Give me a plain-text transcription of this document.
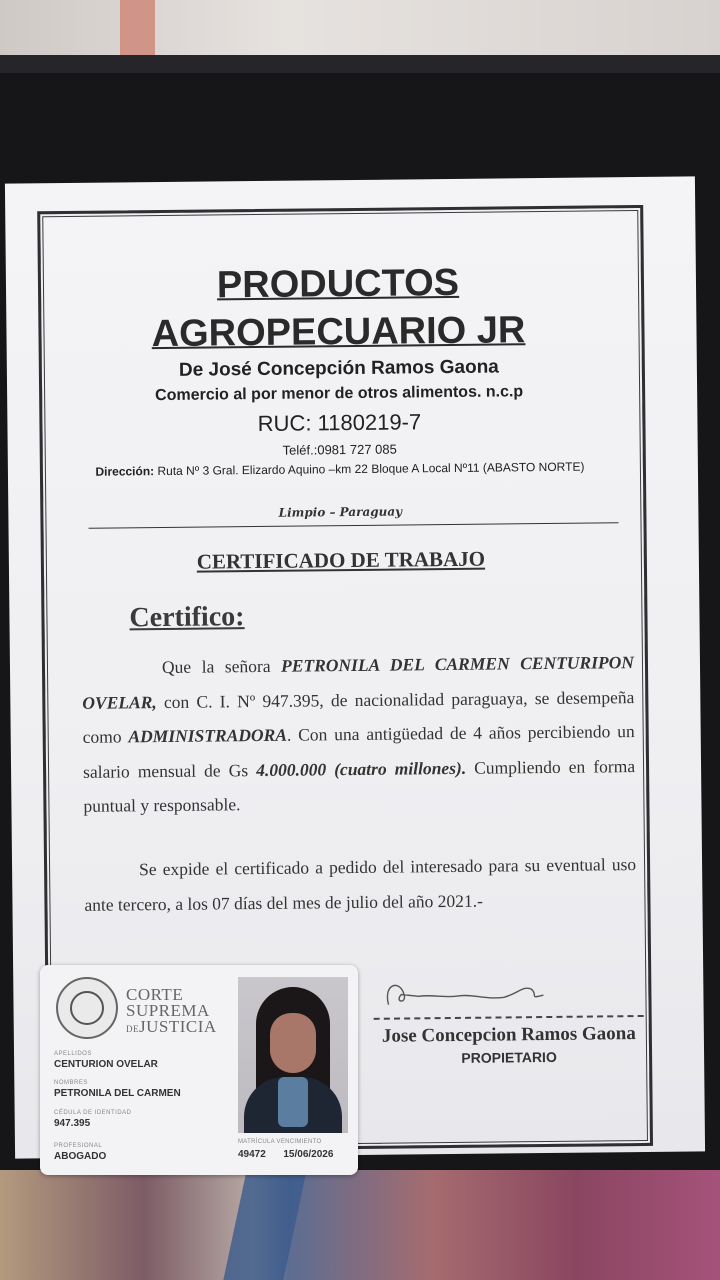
PRODUCTOS
AGROPECUARIO JR
De José Concepción Ramos Gaona
Comercio al por menor de otros alimentos. n.c.p
RUC: 1180219-7
Teléf.:0981 727 085
Dirección: Ruta Nº 3 Gral. Elizardo Aquino –km 22 Bloque A Local Nº11 (ABASTO NORTE)
Limpio – Paraguay
CERTIFICADO DE TRABAJO
Certifico:
Que la señora PETRONILA DEL CARMEN CENTURIPON OVELAR, con C. I. Nº 947.395, de nacionalidad paraguaya, se desempeña como ADMINISTRADORA. Con una antigüedad de 4 años percibiendo un salario mensual de Gs 4.000.000 (cuatro millones). Cumpliendo en forma puntual y responsable.
Se expide el certificado a pedido del interesado para su eventual uso ante tercero, a los 07 días del mes de julio del año 2021.-
Jose Concepcion Ramos Gaona
PROPIETARIO
CORTE
SUPREMA
DEJUSTICIA
APELLIDOS
CENTURION OVELAR
NOMBRES
PETRONILA DEL CARMEN
CÉDULA DE IDENTIDAD
947.395
PROFESIONAL
ABOGADO
MATRÍCULA VENCIMIENTO
49472 15/06/2026
